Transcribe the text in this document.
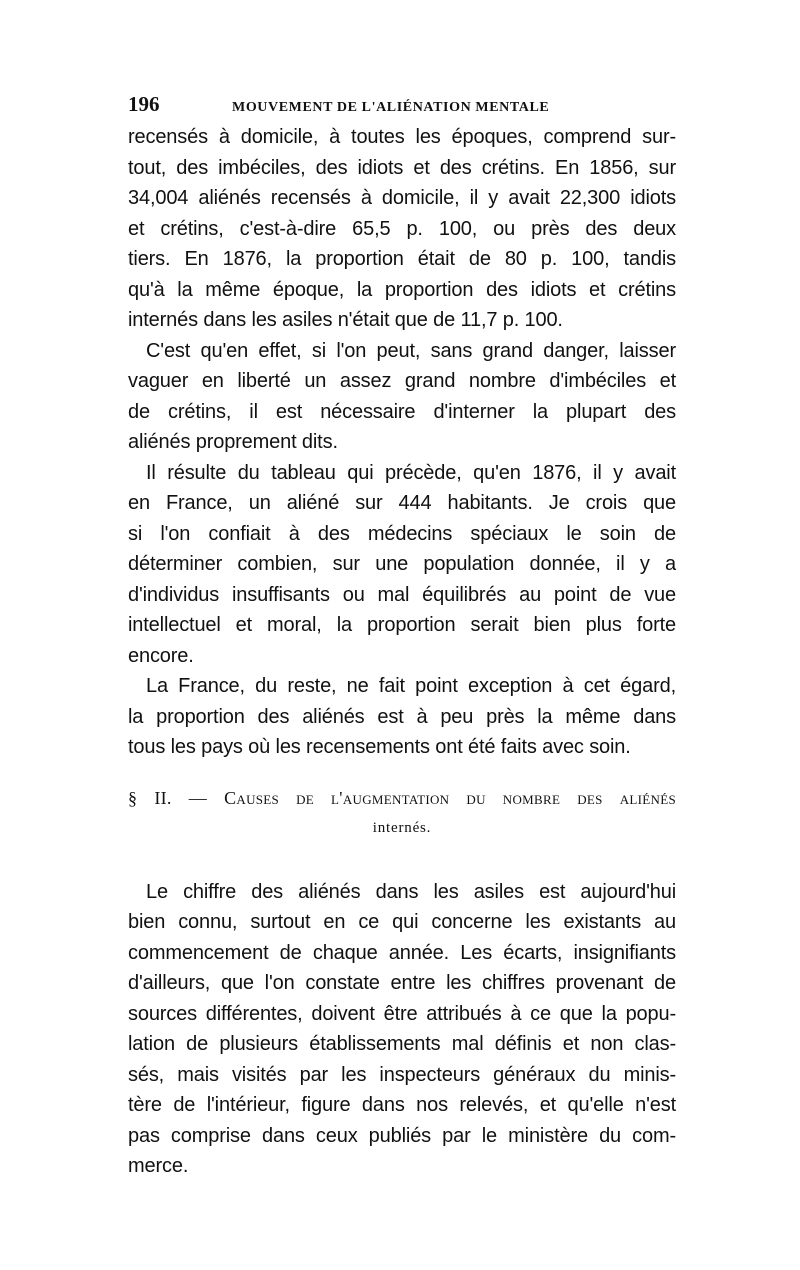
196	MOUVEMENT DE L'ALIÉNATION MENTALE

recensés à domicile, à toutes les époques, comprend sur-
tout, des imbéciles, des idiots et des crétins. En 1856, sur
34,004 aliénés recensés à domicile, il y avait 22,300 idiots
et crétins, c'est-à-dire 65,5 p. 100, ou près des deux
tiers. En 1876, la proportion était de 80 p. 100, tandis
qu'à la même époque, la proportion des idiots et crétins
internés dans les asiles n'était que de 11,7 p. 100.

C'est qu'en effet, si l'on peut, sans grand danger, laisser
vaguer en liberté un assez grand nombre d'imbéciles et
de crétins, il est nécessaire d'interner la plupart des
aliénés proprement dits.

Il résulte du tableau qui précède, qu'en 1876, il y avait
en France, un aliéné sur 444 habitants. Je crois que
si l'on confiait à des médecins spéciaux le soin de
déterminer combien, sur une population donnée, il y a
d'individus insuffisants ou mal équilibrés au point de vue
intellectuel et moral, la proportion serait bien plus forte
encore.

La France, du reste, ne fait point exception à cet égard,
la proportion des aliénés est à peu près la même dans
tous les pays où les recensements ont été faits avec soin.

§ II. — Causes de l'augmentation du nombre des aliénés
internés.

Le chiffre des aliénés dans les asiles est aujourd'hui
bien connu, surtout en ce qui concerne les existants au
commencement de chaque année. Les écarts, insignifiants
d'ailleurs, que l'on constate entre les chiffres provenant de
sources différentes, doivent être attribués à ce que la popu-
lation de plusieurs établissements mal définis et non clas-
sés, mais visités par les inspecteurs généraux du minis-
tère de l'intérieur, figure dans nos relevés, et qu'elle n'est
pas comprise dans ceux publiés par le ministère du com-
merce.
